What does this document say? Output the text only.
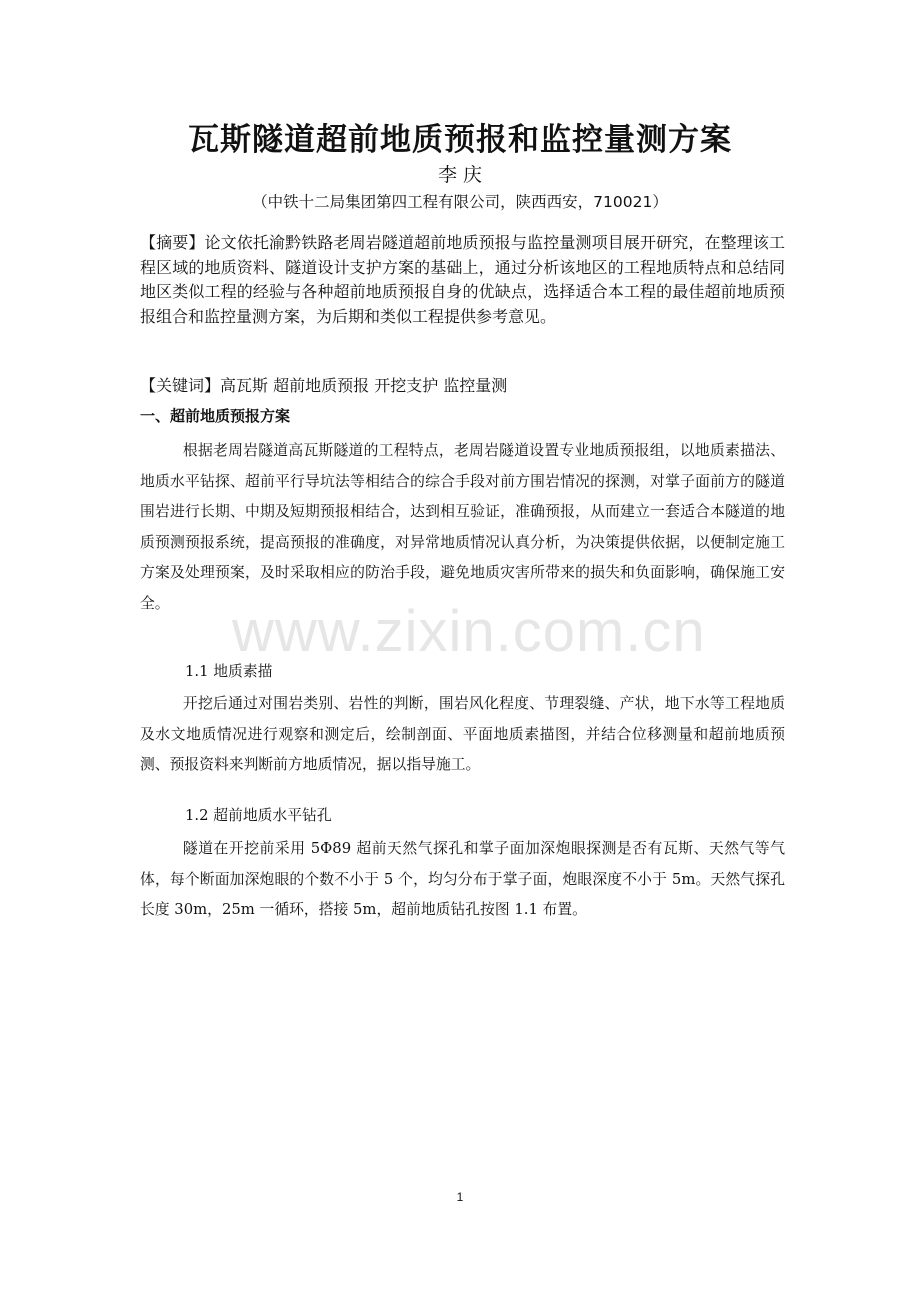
www.zixin.com.cn
瓦斯隧道超前地质预报和监控量测方案
李 庆
（中铁十二局集团第四工程有限公司，陕西西安，710021）
【摘要】论文依托渝黔铁路老周岩隧道超前地质预报与监控量测项目展开研究，在整理该工程区域的地质资料、隧道设计支护方案的基础上，通过分析该地区的工程地质特点和总结同地区类似工程的经验与各种超前地质预报自身的优缺点，选择适合本工程的最佳超前地质预报组合和监控量测方案，为后期和类似工程提供参考意见。
【关键词】高瓦斯 超前地质预报 开挖支护 监控量测
一、超前地质预报方案
根据老周岩隧道高瓦斯隧道的工程特点，老周岩隧道设置专业地质预报组，以地质素描法、地质水平钻探、超前平行导坑法等相结合的综合手段对前方围岩情况的探测，对掌子面前方的隧道围岩进行长期、中期及短期预报相结合，达到相互验证，准确预报，从而建立一套适合本隧道的地质预测预报系统，提高预报的准确度，对异常地质情况认真分析，为决策提供依据，以便制定施工方案及处理预案，及时采取相应的防治手段，避免地质灾害所带来的损失和负面影响，确保施工安全。
1.1 地质素描
开挖后通过对围岩类别、岩性的判断，围岩风化程度、节理裂缝、产状，地下水等工程地质及水文地质情况进行观察和测定后，绘制剖面、平面地质素描图，并结合位移测量和超前地质预测、预报资料来判断前方地质情况，据以指导施工。
1.2 超前地质水平钻孔
隧道在开挖前采用 5Φ89 超前天然气探孔和掌子面加深炮眼探测是否有瓦斯、天然气等气体，每个断面加深炮眼的个数不小于 5 个，均匀分布于掌子面，炮眼深度不小于 5m。天然气探孔长度 30m，25m 一循环，搭接 5m，超前地质钻孔按图 1.1 布置。
1
